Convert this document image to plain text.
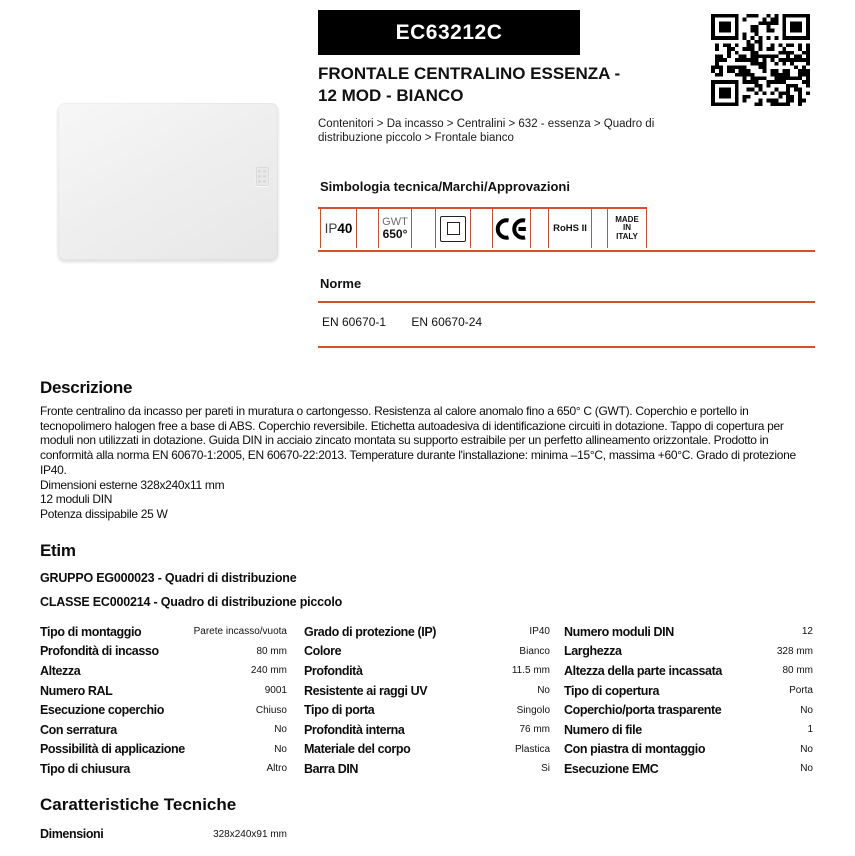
EC63212C
FRONTALE CENTRALINO ESSENZA -
12 MOD - BIANCO
Contenitori > Da incasso > Centralini > 632 - essenza > Quadro di distribuzione piccolo > Frontale bianco
Simbologia tecnica/Marchi/Approvazioni
IP40	GWT
650°	RoHS II
MADE
IN
ITALY
Norme
EN 60670-1 EN 60670-24
Descrizione
Fronte centralino da incasso per pareti in muratura o cartongesso. Resistenza al calore anomalo fino a 650° C (GWT). Coperchio e portello in tecnopolimero halogen free a base di ABS. Coperchio reversibile. Etichetta autoadesiva di identificazione circuiti in dotazione. Tappo di copertura per moduli non utilizzati in dotazione. Guida DIN in acciaio zincato montata su supporto estraibile per un perfetto allineamento orizzontale. Prodotto in conformità alla norma EN 60670-1:2005, EN 60670-22:2013. Temperature durante l'installazione: minima –15°C, massima +60°C. Grado di protezione IP40.
Dimensioni esterne 328x240x11 mm
12 moduli DIN
Potenza dissipabile 25 W
Etim
GRUPPO EG000023 - Quadri di distribuzione
CLASSE EC000214 - Quadro di distribuzione piccolo
Tipo di montaggio	Parete incasso/vuota
Profondità di incasso	80 mm
Altezza	240 mm
Numero RAL	9001
Esecuzione coperchio	Chiuso
Con serratura	No
Possibilità di applicazione	No
Tipo di chiusura	Altro
Grado di protezione (IP)	IP40
Colore	Bianco
Profondità	11.5 mm
Resistente ai raggi UV	No
Tipo di porta	Singolo
Profondità interna	76 mm
Materiale del corpo	Plastica
Barra DIN	Si
Numero moduli DIN	12
Larghezza	328 mm
Altezza della parte incassata	80 mm
Tipo di copertura	Porta
Coperchio/porta trasparente	No
Numero di file	1
Con piastra di montaggio	No
Esecuzione EMC	No
Caratteristiche Tecniche
Dimensioni	328x240x91 mm
